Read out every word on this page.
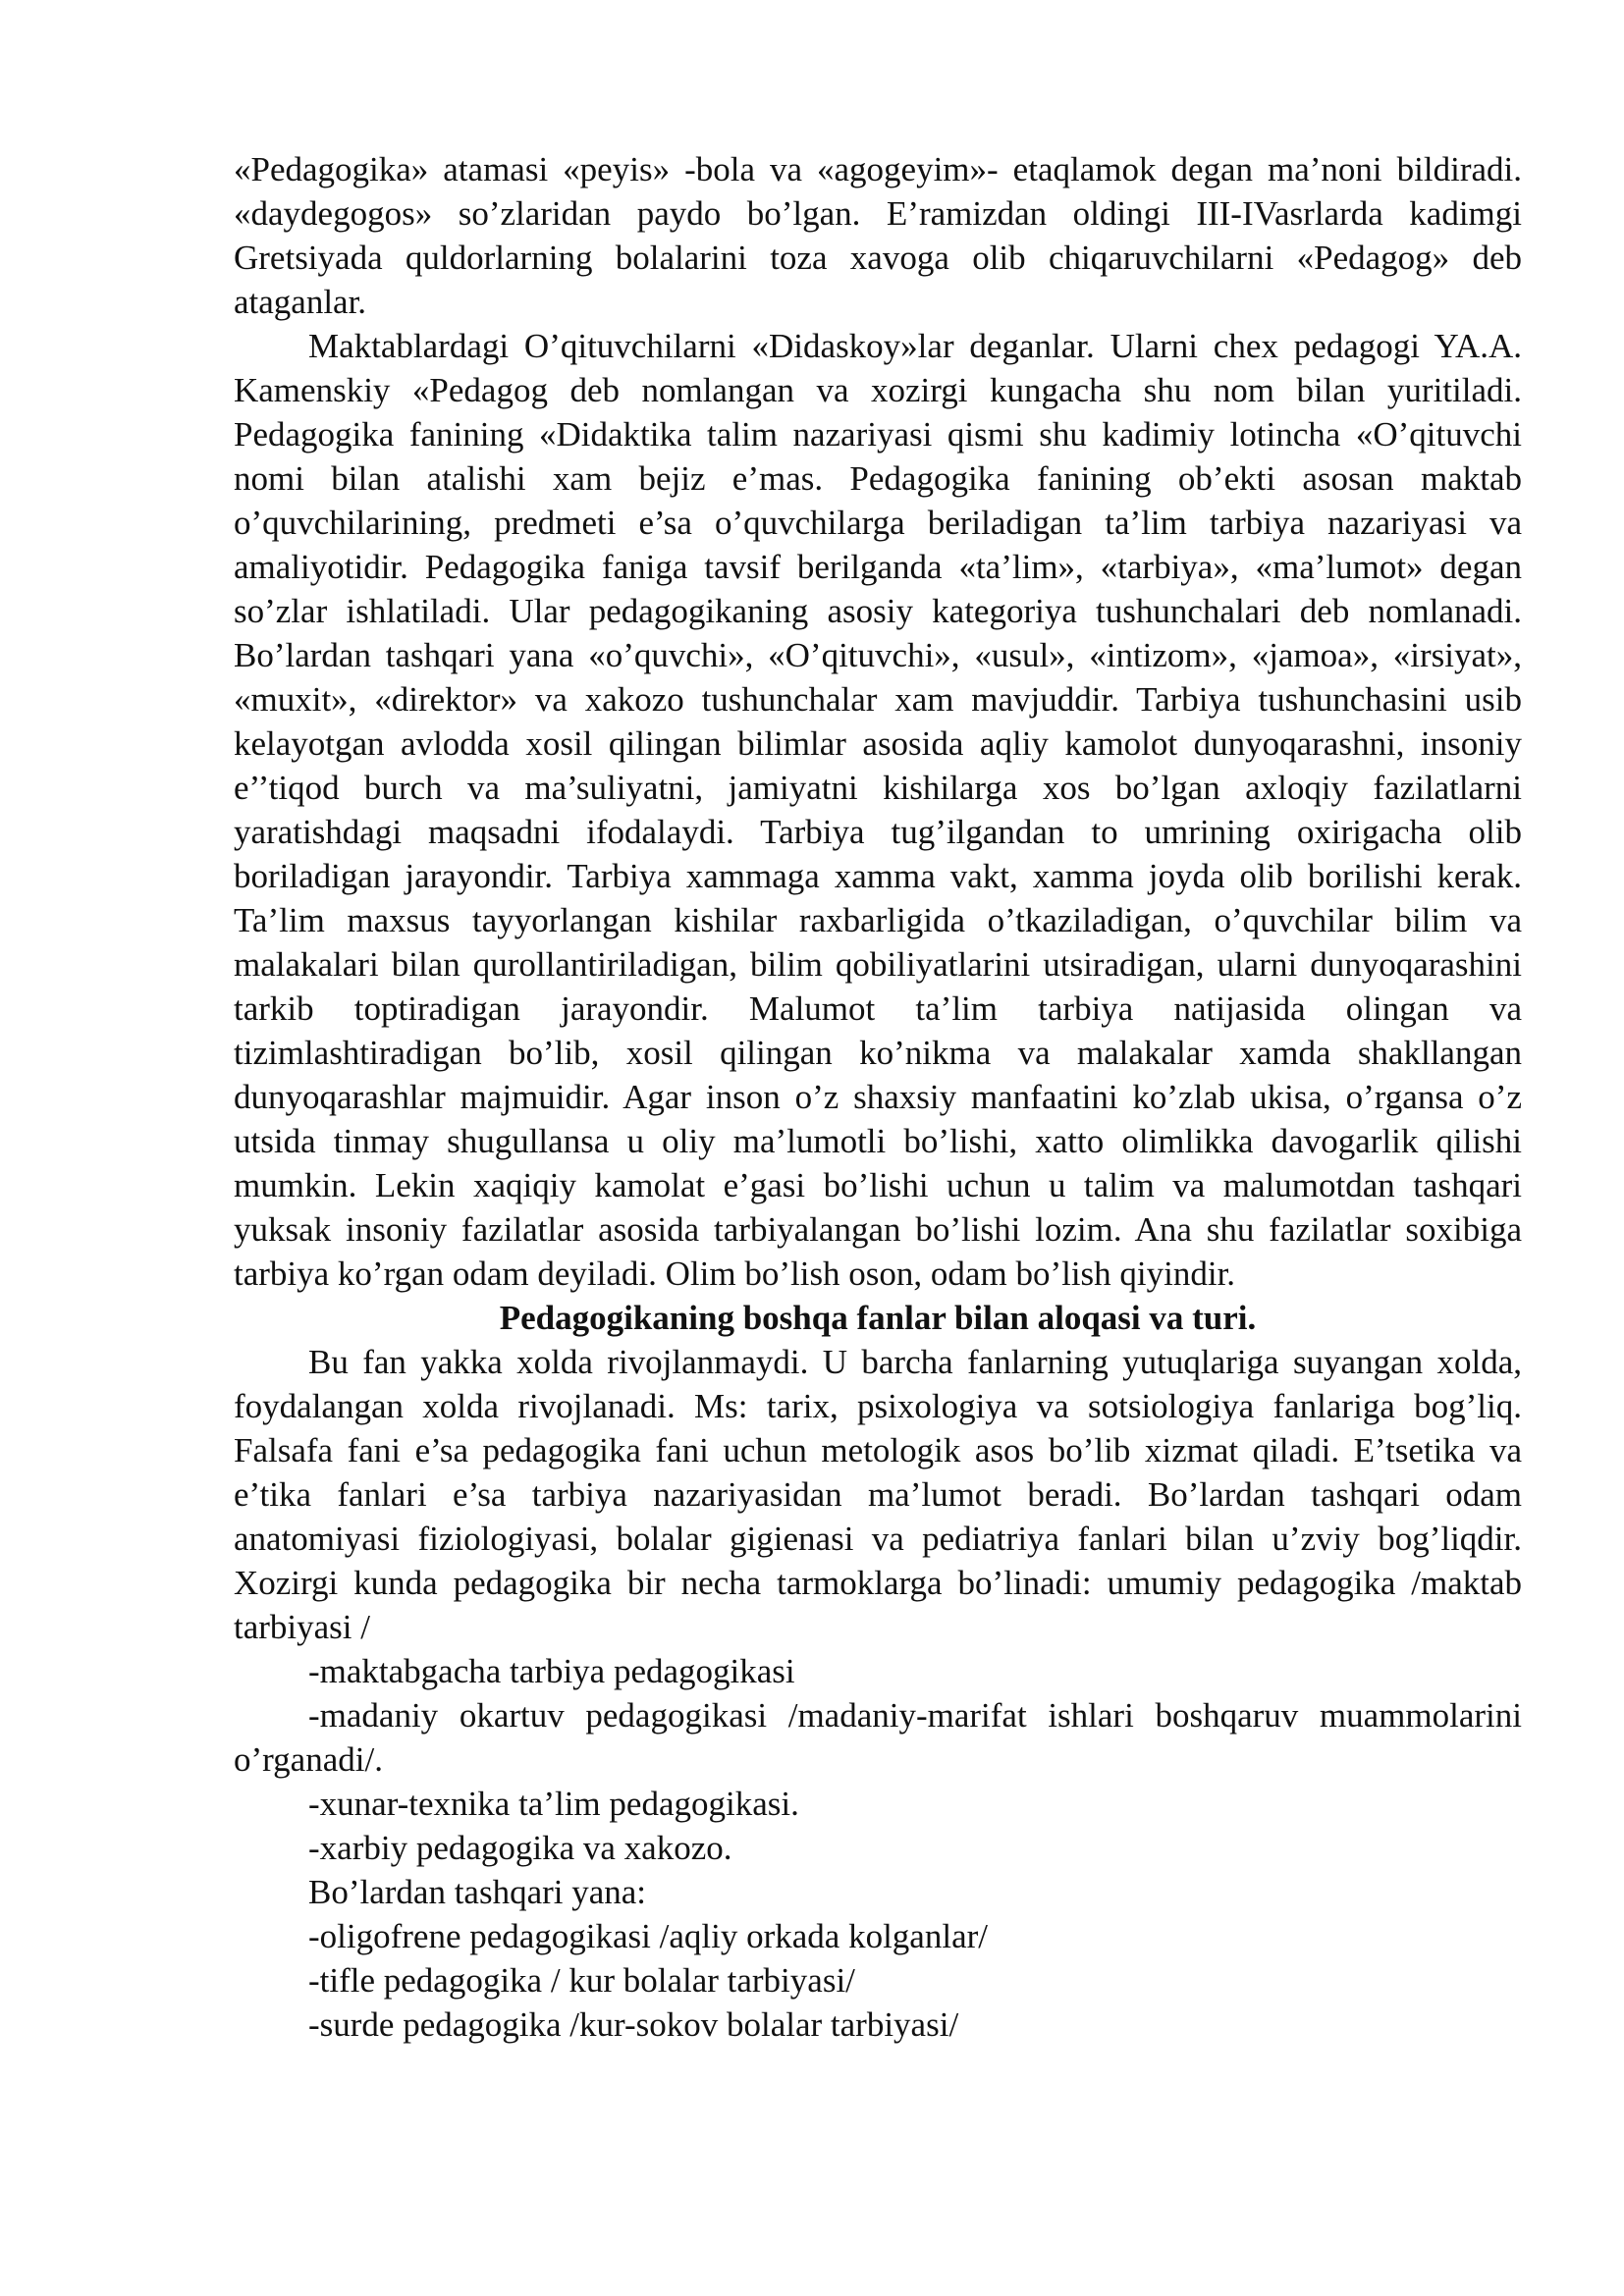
«Pedagogika» atamasi «peyis» -bola va «agogeyim»- etaqlamok degan ma’noni bildiradi. «daydegogos» so’zlaridan paydo bo’lgan. E’ramizdan oldingi III-IVasrlarda kadimgi Gretsiyada quldorlarning bolalarini toza xavoga olib chiqaruvchilarni «Pedagog» deb ataganlar.

Maktablardagi O’qituvchilarni «Didaskoy»lar deganlar. Ularni chex pedagogi YA.A. Kamenskiy «Pedagog deb nomlangan va xozirgi kungacha shu nom bilan yuritiladi. Pedagogika fanining «Didaktika talim nazariyasi qismi shu kadimiy lotincha «O’qituvchi nomi bilan atalishi xam bejiz e’mas. Pedagogika fanining ob’ekti asosan maktab o’quvchilarining, predmeti e’sa o’quvchilarga beriladigan ta’lim tarbiya nazariyasi va amaliyotidir. Pedagogika faniga tavsif berilganda «ta’lim», «tarbiya», «ma’lumot» degan so’zlar ishlatiladi. Ular pedagogikaning asosiy kategoriya tushunchalari deb nomlanadi. Bo’lardan tashqari yana «o’quvchi», «O’qituvchi», «usul», «intizom», «jamoa», «irsiyat», «muxit», «direktor» va xakozo tushunchalar xam mavjuddir. Tarbiya tushunchasini usib kelayotgan avlodda xosil qilingan bilimlar asosida aqliy kamolot dunyoqarashni, insoniy e’’tiqod burch va ma’suliyatni, jamiyatni kishilarga xos bo’lgan axloqiy fazilatlarni yaratishdagi maqsadni ifodalaydi. Tarbiya tug’ilgandan to umrining oxirigacha olib boriladigan jarayondir. Tarbiya xammaga xamma vakt, xamma joyda olib borilishi kerak. Ta’lim maxsus tayyorlangan kishilar raxbarligida o’tkaziladigan, o’quvchilar bilim va malakalari bilan qurollantiriladigan, bilim qobiliyatlarini utsiradigan, ularni dunyoqarashini tarkib toptiradigan jarayondir. Malumot ta’lim tarbiya natijasida olingan va tizimlashtiradigan bo’lib, xosil qilingan ko’nikma va malakalar xamda shakllangan dunyoqarashlar majmuidir. Agar inson o’z shaxsiy manfaatini ko’zlab ukisa, o’rgansa o’z utsida tinmay shugullansa u oliy ma’lumotli bo’lishi, xatto olimlikka davogarlik qilishi mumkin. Lekin xaqiqiy kamolat e’gasi bo’lishi uchun u talim va malumotdan tashqari yuksak insoniy fazilatlar asosida tarbiyalangan bo’lishi lozim. Ana shu fazilatlar soxibiga tarbiya ko’rgan odam deyiladi. Olim bo’lish oson, odam bo’lish qiyindir.

Pedagogikaning boshqa fanlar bilan aloqasi va turi.

Bu fan yakka xolda rivojlanmaydi. U barcha fanlarning yutuqlariga suyangan xolda, foydalangan xolda rivojlanadi. Ms: tarix, psixologiya va sotsiologiya fanlariga bog’liq. Falsafa fani e’sa pedagogika fani uchun metologik asos bo’lib xizmat qiladi. E’tsetika va e’tika fanlari e’sa tarbiya nazariyasidan ma’lumot beradi. Bo’lardan tashqari odam anatomiyasi fiziologiyasi, bolalar gigienasi va pediatriya fanlari bilan u’zviy bog’liqdir. Xozirgi kunda pedagogika bir necha tarmoklarga bo’linadi: umumiy pedagogika /maktab tarbiyasi /

-maktabgacha tarbiya pedagogikasi

-madaniy okartuv pedagogikasi /madaniy-marifat ishlari boshqaruv muammolarini o’rganadi/.

-xunar-texnika ta’lim pedagogikasi.

-xarbiy pedagogika va xakozo.

Bo’lardan tashqari yana:

-oligofrene pedagogikasi /aqliy orkada kolganlar/

-tifle pedagogika / kur bolalar tarbiyasi/

-surde pedagogika /kur-sokov bolalar tarbiyasi/
